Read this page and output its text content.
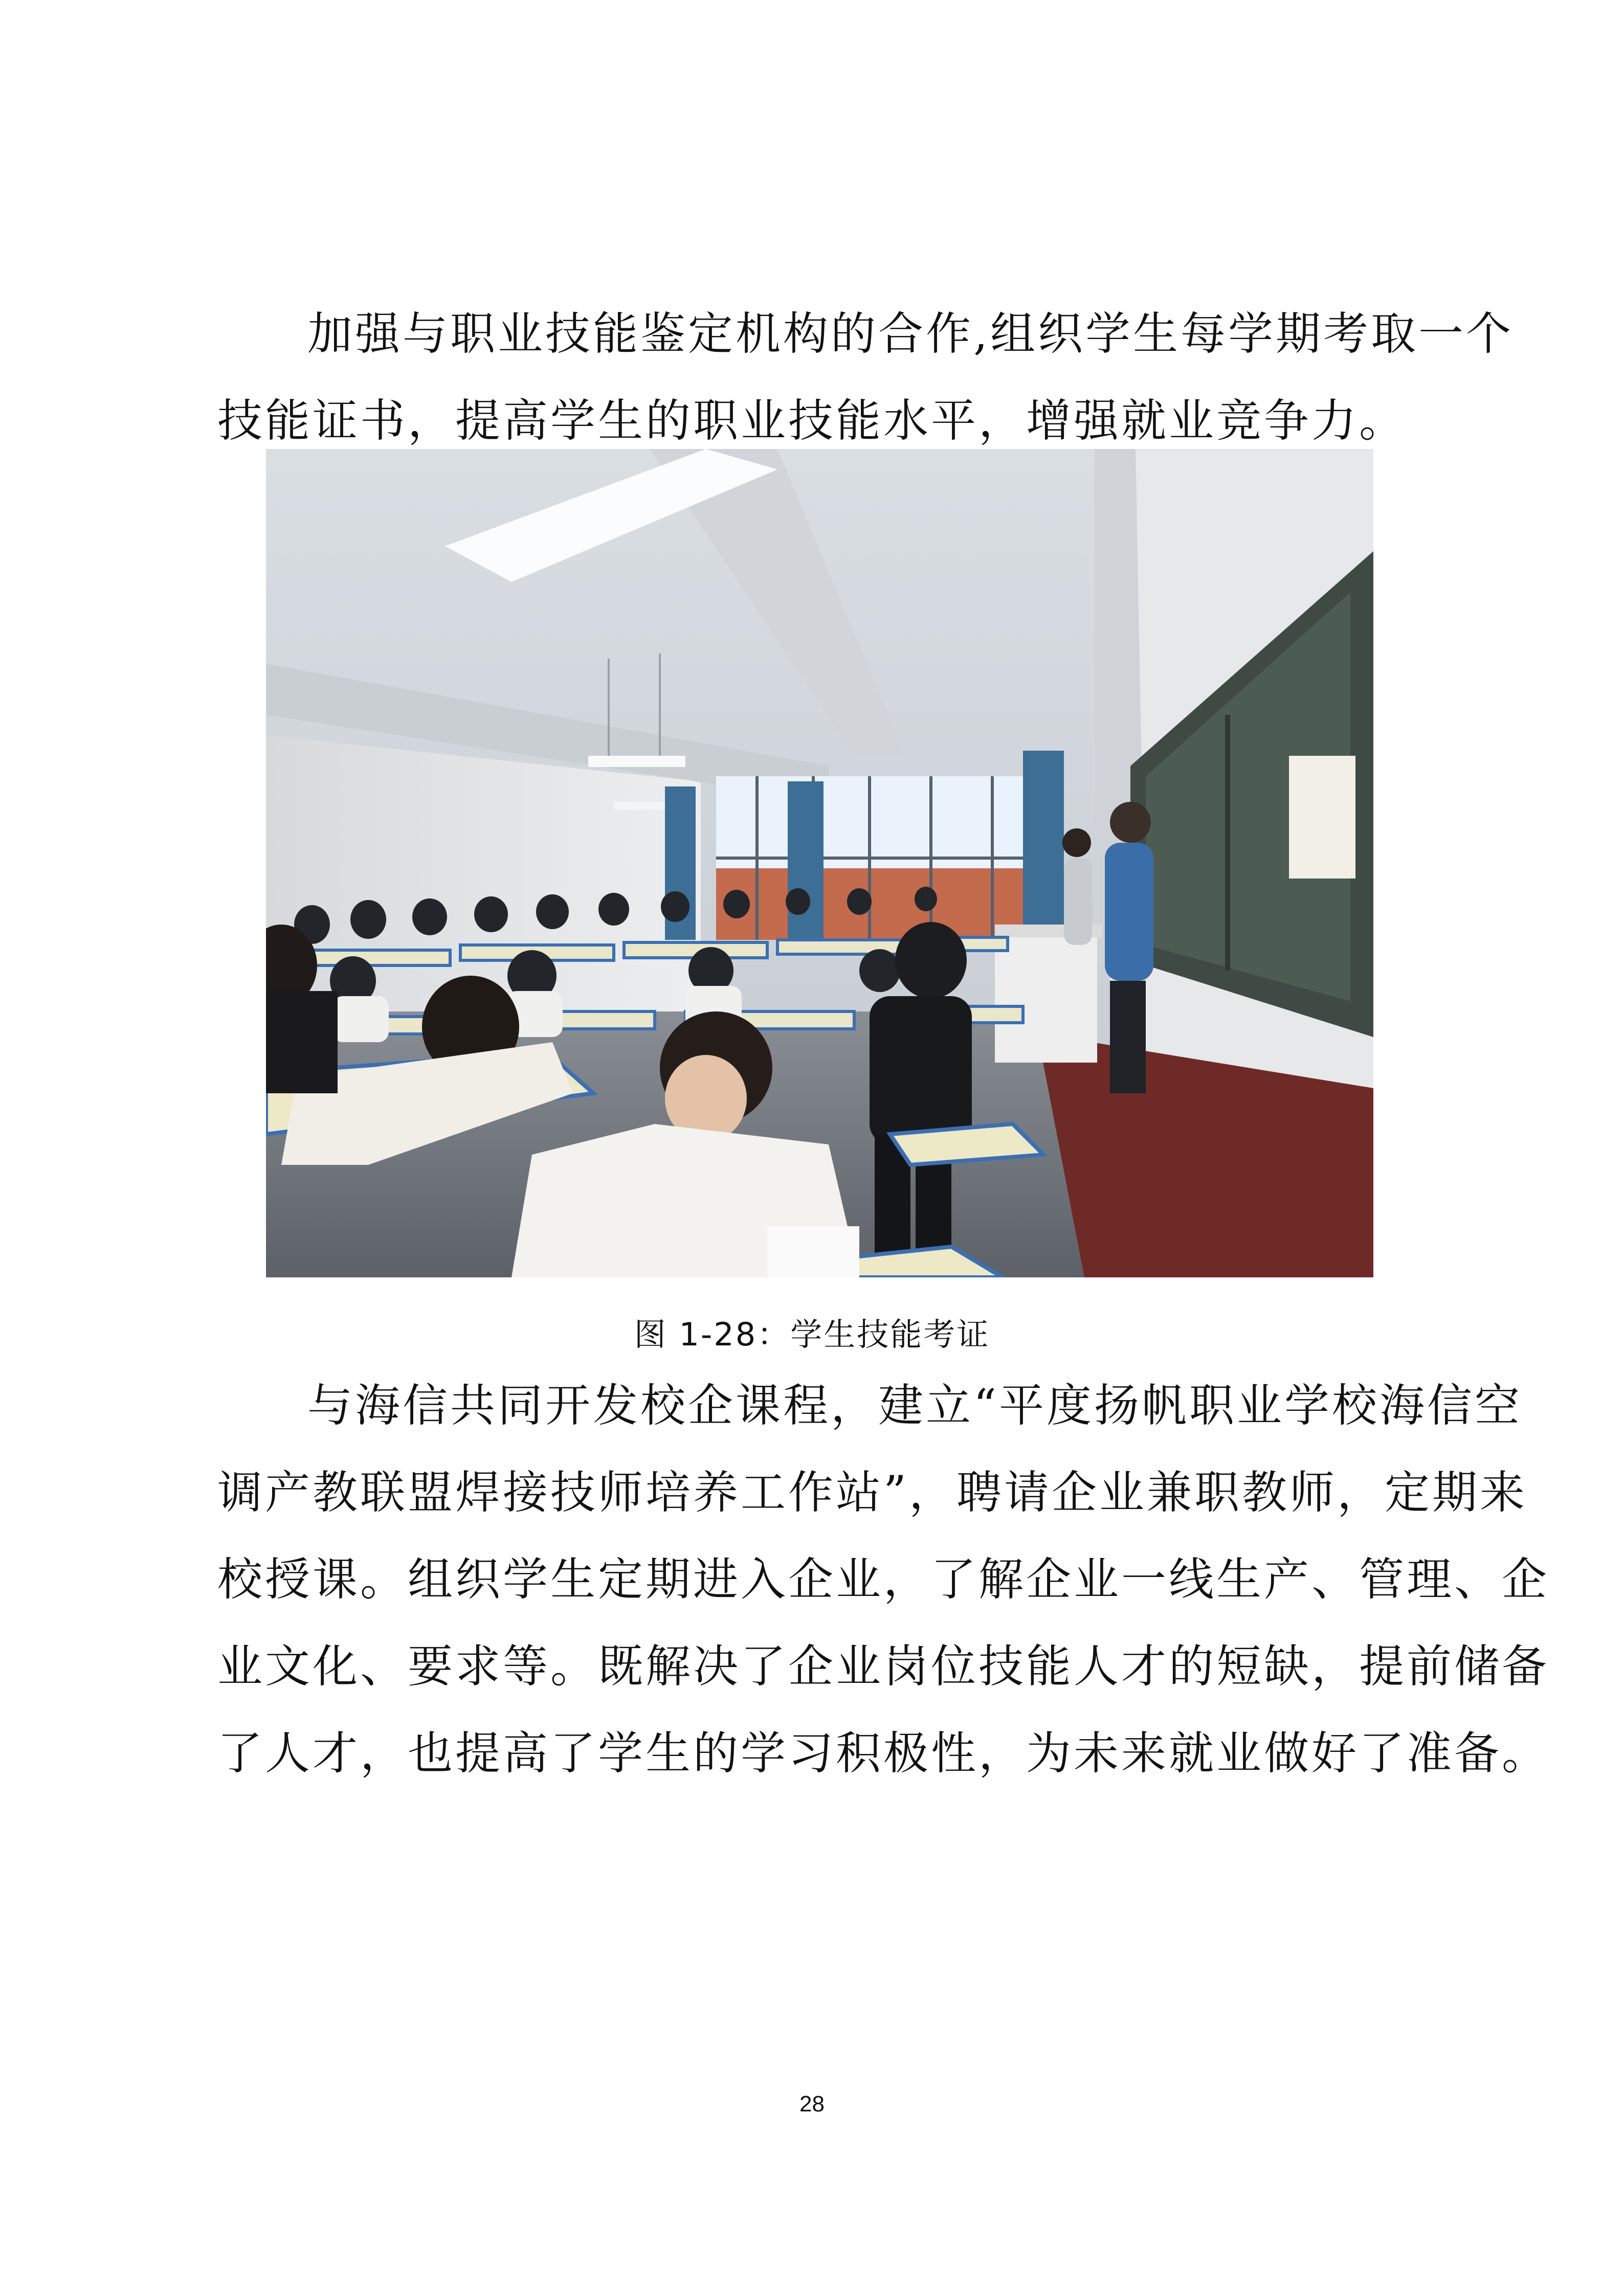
加强与职业技能鉴定机构的合作,组织学生每学期考取一个
技能证书，提高学生的职业技能水平，增强就业竞争力。

图 1-28：学生技能考证

与海信共同开发校企课程，建立“平度扬帆职业学校海信空
调产教联盟焊接技师培养工作站”，聘请企业兼职教师，定期来
校授课。组织学生定期进入企业，了解企业一线生产、管理、企
业文化、要求等。既解决了企业岗位技能人才的短缺，提前储备
了人才，也提高了学生的学习积极性，为未来就业做好了准备。

28
